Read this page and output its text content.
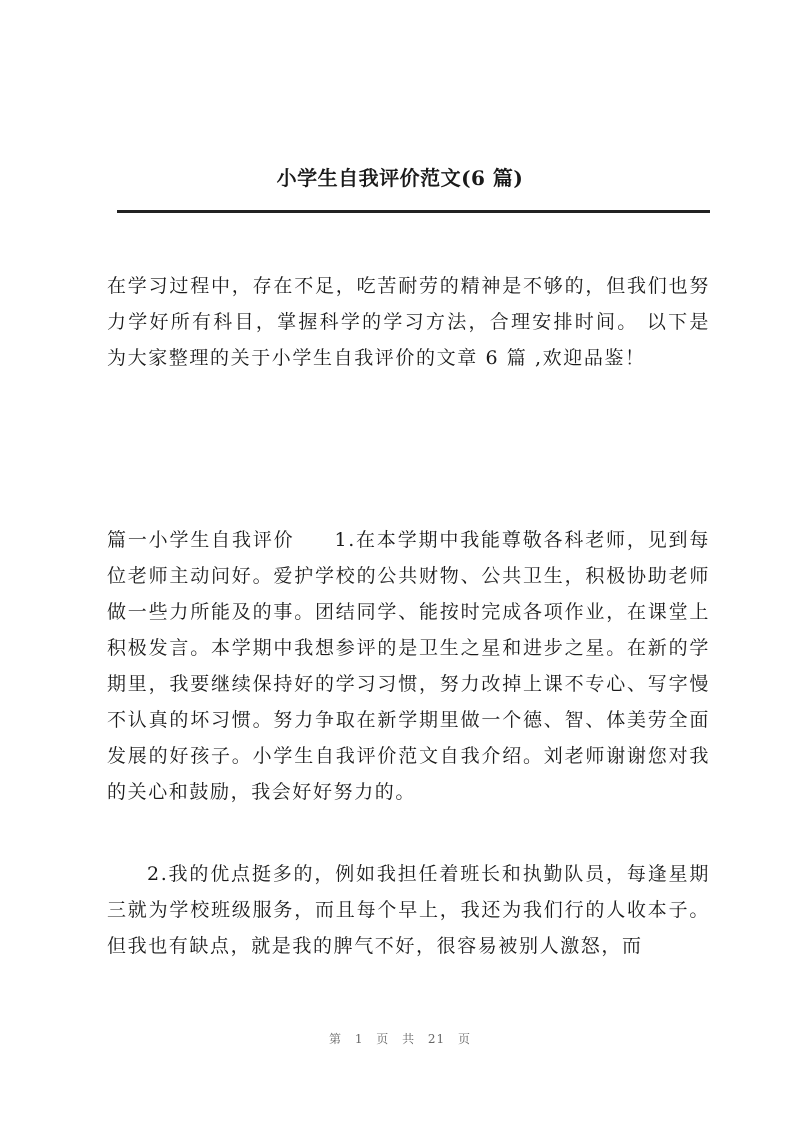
小学生自我评价范文(6 篇)

在学习过程中，存在不足，吃苦耐劳的精神是不够的，但我们也努力学好所有科目，掌握科学的学习方法，合理安排时间。 以下是为大家整理的关于小学生自我评价的文章 6 篇 ,欢迎品鉴！

篇一小学生自我评价 1.在本学期中我能尊敬各科老师，见到每位老师主动问好。爱护学校的公共财物、公共卫生，积极协助老师做一些力所能及的事。团结同学、能按时完成各项作业，在课堂上积极发言。本学期中我想参评的是卫生之星和进步之星。在新的学期里，我要继续保持好的学习习惯，努力改掉上课不专心、写字慢不认真的坏习惯。努力争取在新学期里做一个德、智、体美劳全面发展的好孩子。小学生自我评价范文自我介绍。刘老师谢谢您对我的关心和鼓励，我会好好努力的。

2.我的优点挺多的，例如我担任着班长和执勤队员，每逢星期三就为学校班级服务，而且每个早上，我还为我们行的人收本子。但我也有缺点，就是我的脾气不好，很容易被别人激怒，而

第 1 页 共 21 页
